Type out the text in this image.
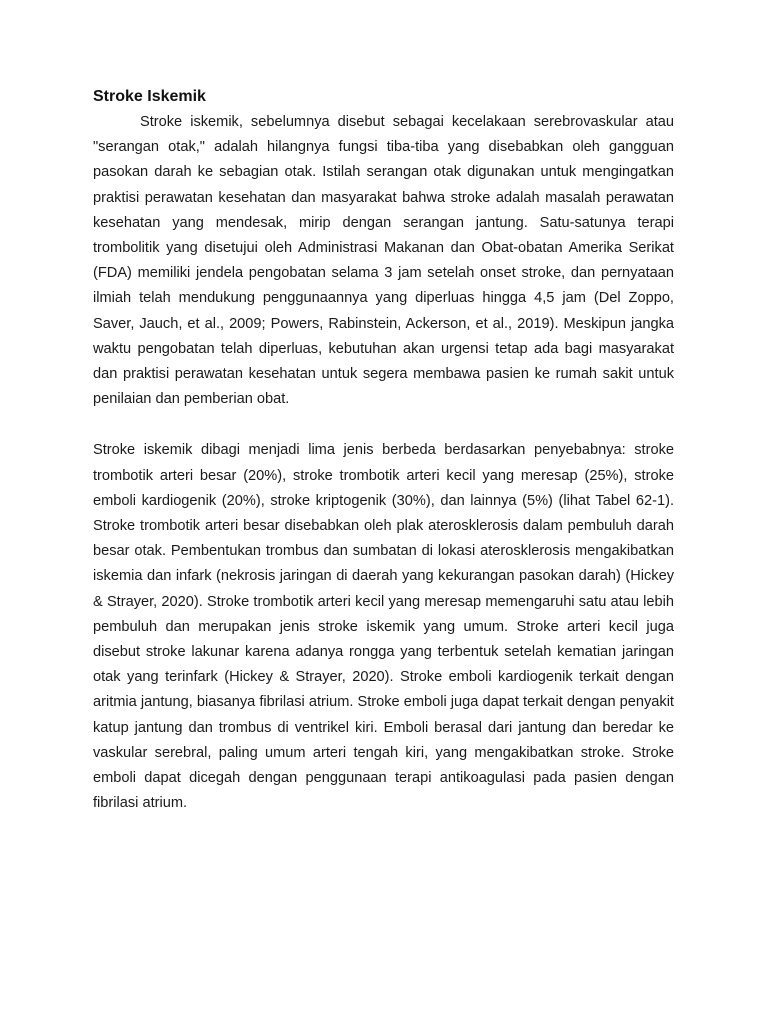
Stroke Iskemik

Stroke iskemik, sebelumnya disebut sebagai kecelakaan serebrovaskular atau "serangan otak," adalah hilangnya fungsi tiba-tiba yang disebabkan oleh gangguan pasokan darah ke sebagian otak. Istilah serangan otak digunakan untuk mengingatkan praktisi perawatan kesehatan dan masyarakat bahwa stroke adalah masalah perawatan kesehatan yang mendesak, mirip dengan serangan jantung. Satu-satunya terapi trombolitik yang disetujui oleh Administrasi Makanan dan Obat-obatan Amerika Serikat (FDA) memiliki jendela pengobatan selama 3 jam setelah onset stroke, dan pernyataan ilmiah telah mendukung penggunaannya yang diperluas hingga 4,5 jam (Del Zoppo, Saver, Jauch, et al., 2009; Powers, Rabinstein, Ackerson, et al., 2019). Meskipun jangka waktu pengobatan telah diperluas, kebutuhan akan urgensi tetap ada bagi masyarakat dan praktisi perawatan kesehatan untuk segera membawa pasien ke rumah sakit untuk penilaian dan pemberian obat.

Stroke iskemik dibagi menjadi lima jenis berbeda berdasarkan penyebabnya: stroke trombotik arteri besar (20%), stroke trombotik arteri kecil yang meresap (25%), stroke emboli kardiogenik (20%), stroke kriptogenik (30%), dan lainnya (5%) (lihat Tabel 62-1). Stroke trombotik arteri besar disebabkan oleh plak aterosklerosis dalam pembuluh darah besar otak. Pembentukan trombus dan sumbatan di lokasi aterosklerosis mengakibatkan iskemia dan infark (nekrosis jaringan di daerah yang kekurangan pasokan darah) (Hickey & Strayer, 2020). Stroke trombotik arteri kecil yang meresap memengaruhi satu atau lebih pembuluh dan merupakan jenis stroke iskemik yang umum. Stroke arteri kecil juga disebut stroke lakunar karena adanya rongga yang terbentuk setelah kematian jaringan otak yang terinfark (Hickey & Strayer, 2020). Stroke emboli kardiogenik terkait dengan aritmia jantung, biasanya fibrilasi atrium. Stroke emboli juga dapat terkait dengan penyakit katup jantung dan trombus di ventrikel kiri. Emboli berasal dari jantung dan beredar ke vaskular serebral, paling umum arteri tengah kiri, yang mengakibatkan stroke. Stroke emboli dapat dicegah dengan penggunaan terapi antikoagulasi pada pasien dengan fibrilasi atrium.
